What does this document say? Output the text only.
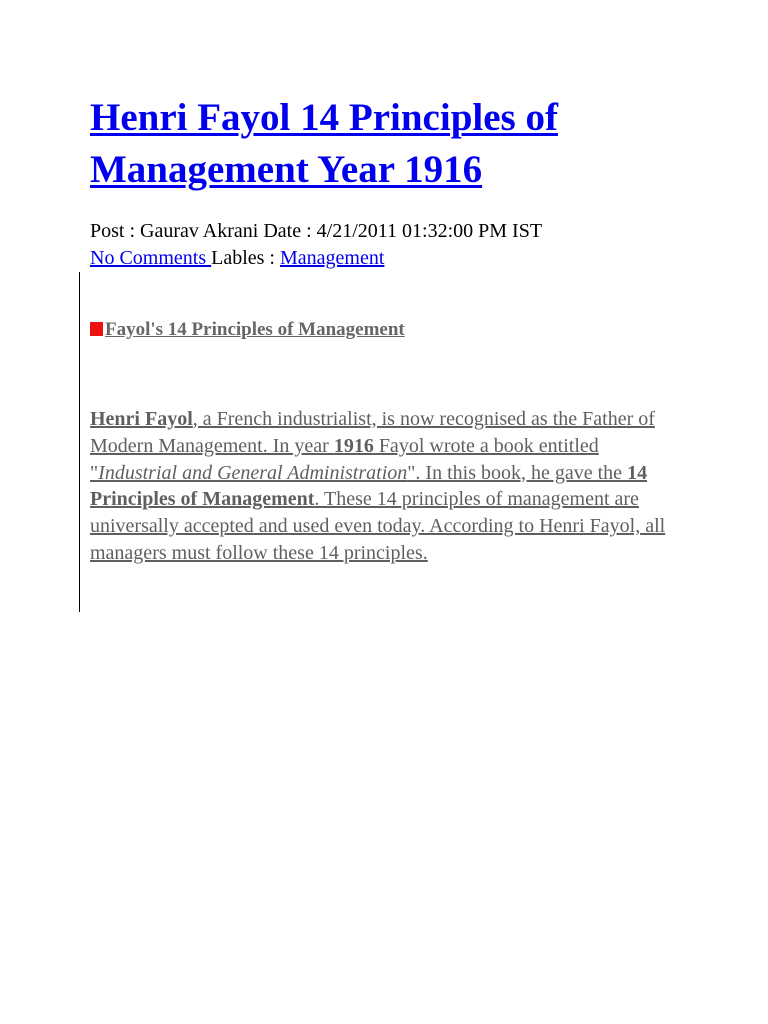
Henri Fayol 14 Principles of Management Year 1916
Post : Gaurav Akrani Date : 4/21/2011 01:32:00 PM IST
No Comments Lables : Management
Fayol's 14 Principles of Management

Henri Fayol, a French industrialist, is now recognised as the Father of Modern Management. In year 1916 Fayol wrote a book entitled "Industrial and General Administration". In this book, he gave the 14 Principles of Management. These 14 principles of management are universally accepted and used even today. According to Henri Fayol, all managers must follow these 14 principles.
